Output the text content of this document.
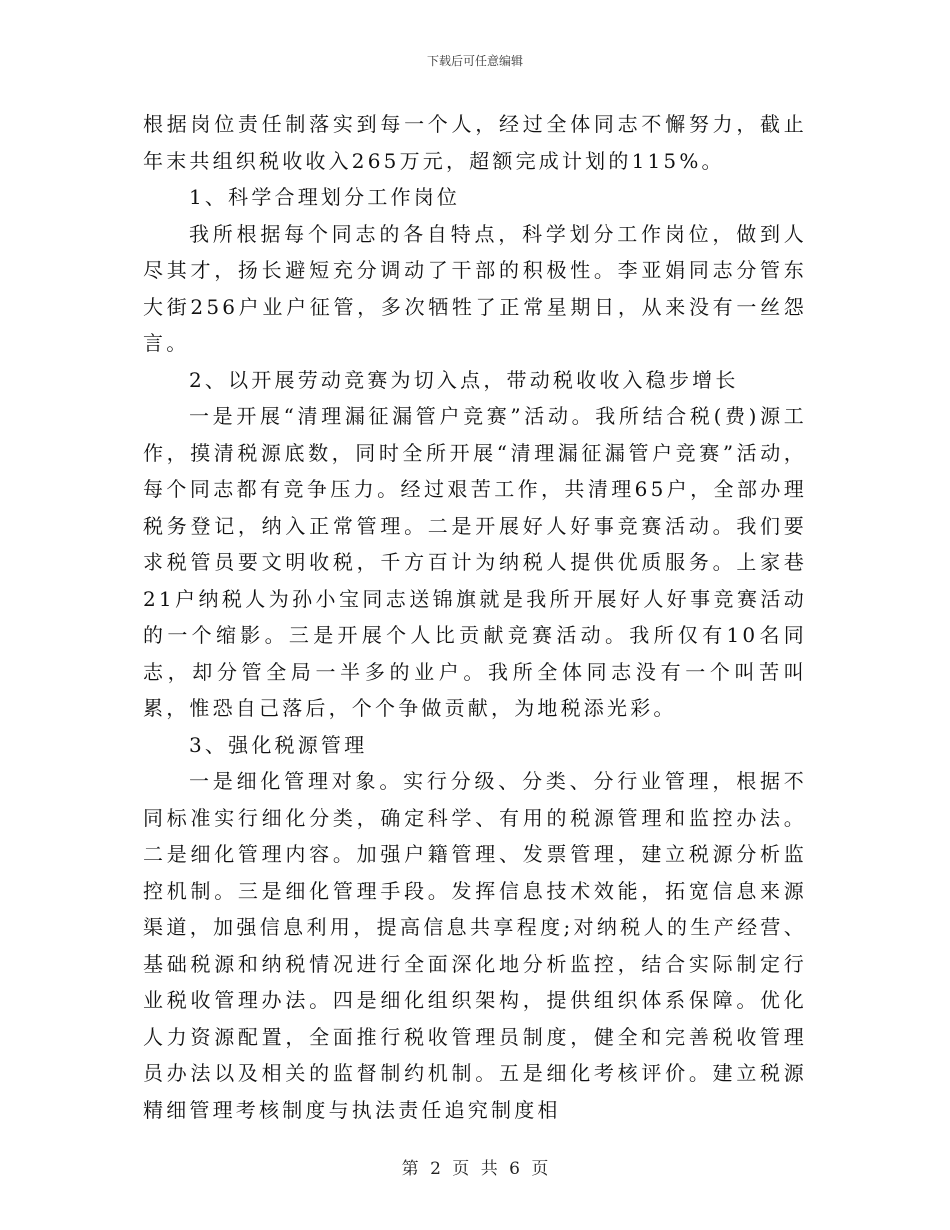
下载后可任意编辑

根据岗位责任制落实到每一个人，经过全体同志不懈努力，截止年末共组织税收收入265万元，超额完成计划的115%。

1、科学合理划分工作岗位

我所根据每个同志的各自特点，科学划分工作岗位，做到人尽其才，扬长避短充分调动了干部的积极性。李亚娟同志分管东大街256户业户征管，多次牺牲了正常星期日，从来没有一丝怨言。

2、以开展劳动竞赛为切入点，带动税收收入稳步增长

一是开展“清理漏征漏管户竞赛”活动。我所结合税(费)源工作，摸清税源底数，同时全所开展“清理漏征漏管户竞赛”活动，每个同志都有竞争压力。经过艰苦工作，共清理65户，全部办理税务登记，纳入正常管理。二是开展好人好事竞赛活动。我们要求税管员要文明收税，千方百计为纳税人提供优质服务。上家巷21户纳税人为孙小宝同志送锦旗就是我所开展好人好事竞赛活动的一个缩影。三是开展个人比贡献竞赛活动。我所仅有10名同志，却分管全局一半多的业户。我所全体同志没有一个叫苦叫累，惟恐自己落后，个个争做贡献，为地税添光彩。

3、强化税源管理

一是细化管理对象。实行分级、分类、分行业管理，根据不同标准实行细化分类，确定科学、有用的税源管理和监控办法。二是细化管理内容。加强户籍管理、发票管理，建立税源分析监控机制。三是细化管理手段。发挥信息技术效能，拓宽信息来源渠道，加强信息利用，提高信息共享程度;对纳税人的生产经营、基础税源和纳税情况进行全面深化地分析监控，结合实际制定行业税收管理办法。四是细化组织架构，提供组织体系保障。优化人力资源配置，全面推行税收管理员制度，健全和完善税收管理员办法以及相关的监督制约机制。五是细化考核评价。建立税源精细管理考核制度与执法责任追究制度相

第 2 页 共 6 页
